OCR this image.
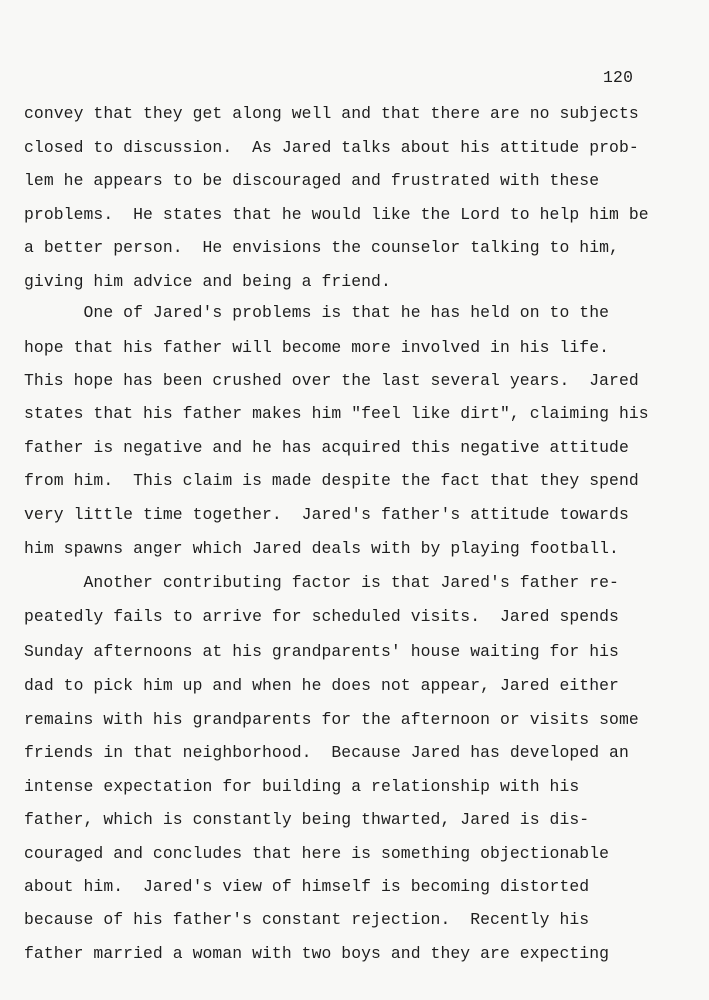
120
convey that they get along well and that there are no subjects
closed to discussion.  As Jared talks about his attitude prob-
lem he appears to be discouraged and frustrated with these
problems.  He states that he would like the Lord to help him be
a better person.  He envisions the counselor talking to him,
giving him advice and being a friend.
One of Jared's problems is that he has held on to the
hope that his father will become more involved in his life.
This hope has been crushed over the last several years.  Jared
states that his father makes him "feel like dirt", claiming his
father is negative and he has acquired this negative attitude
from him.  This claim is made despite the fact that they spend
very little time together.  Jared's father's attitude towards
him spawns anger which Jared deals with by playing football.
Another contributing factor is that Jared's father re-
peatedly fails to arrive for scheduled visits.  Jared spends
Sunday afternoons at his grandparents' house waiting for his
dad to pick him up and when he does not appear, Jared either
remains with his grandparents for the afternoon or visits some
friends in that neighborhood.  Because Jared has developed an
intense expectation for building a relationship with his
father, which is constantly being thwarted, Jared is dis-
couraged and concludes that here is something objectionable
about him.  Jared's view of himself is becoming distorted
because of his father's constant rejection.  Recently his
father married a woman with two boys and they are expecting
